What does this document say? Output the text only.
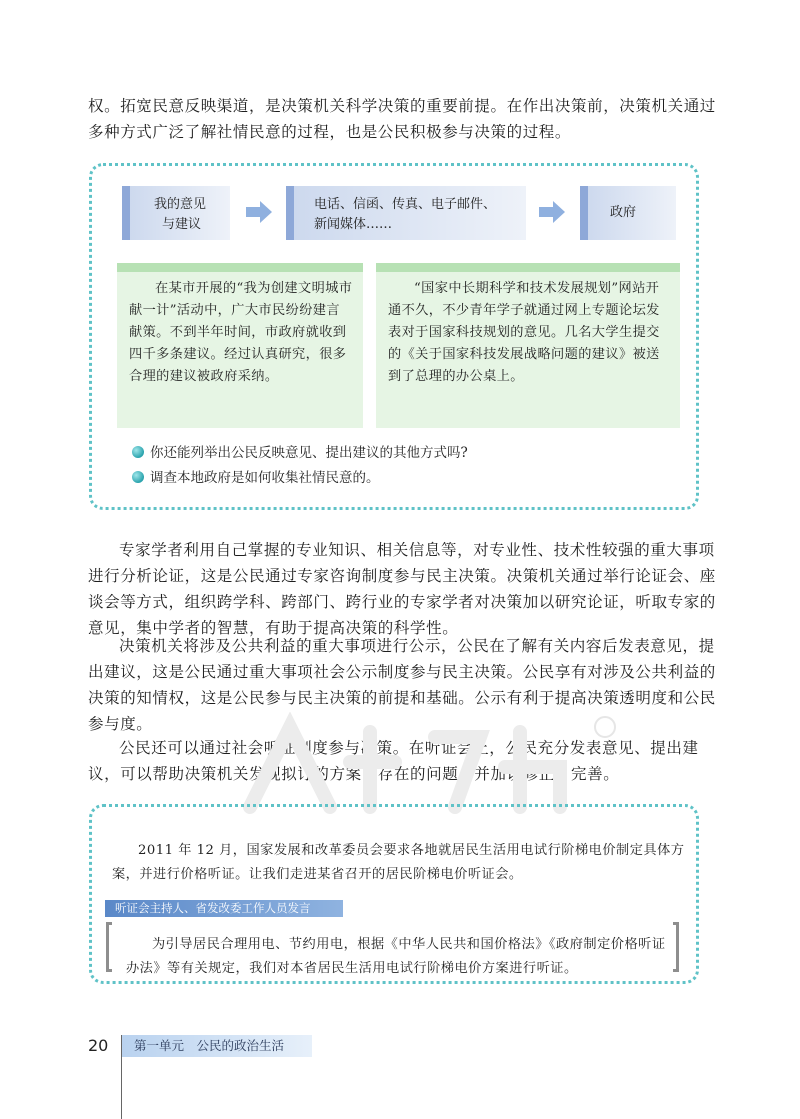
权。拓宽民意反映渠道，是决策机关科学决策的重要前提。在作出决策前，决策机关通过多种方式广泛了解社情民意的过程，也是公民积极参与决策的过程。

我的意见
与建议
电话、信函、传真、电子邮件、
新闻媒体……
政府
在某市开展的“我为创建文明城市献一计”活动中，广大市民纷纷建言献策。不到半年时间，市政府就收到四千多条建议。经过认真研究，很多合理的建议被政府采纳。
“国家中长期科学和技术发展规划”网站开通不久，不少青年学子就通过网上专题论坛发表对于国家科技规划的意见。几名大学生提交的《关于国家科技发展战略问题的建议》被送到了总理的办公桌上。
你还能列举出公民反映意见、提出建议的其他方式吗?
调查本地政府是如何收集社情民意的。

专家学者利用自己掌握的专业知识、相关信息等，对专业性、技术性较强的重大事项进行分析论证，这是公民通过专家咨询制度参与民主决策。决策机关通过举行论证会、座谈会等方式，组织跨学科、跨部门、跨行业的专家学者对决策加以研究论证，听取专家的意见，集中学者的智慧，有助于提高决策的科学性。

决策机关将涉及公共利益的重大事项进行公示，公民在了解有关内容后发表意见，提出建议，这是公民通过重大事项社会公示制度参与民主决策。公民享有对涉及公共利益的决策的知情权，这是公民参与民主决策的前提和基础。公示有利于提高决策透明度和公民参与度。

公民还可以通过社会听证制度参与决策。在听证会上，公民充分发表意见、提出建议，可以帮助决策机关发现拟订的方案中存在的问题，并加以修正、完善。

2011 年 12 月，国家发展和改革委员会要求各地就居民生活用电试行阶梯电价制定具体方案，并进行价格听证。让我们走进某省召开的居民阶梯电价听证会。

听证会主持人、省发改委工作人员发言

为引导居民合理用电、节约用电，根据《中华人民共和国价格法》《政府制定价格听证办法》等有关规定，我们对本省居民生活用电试行阶梯电价方案进行听证。

20	第一单元　公民的政治生活
